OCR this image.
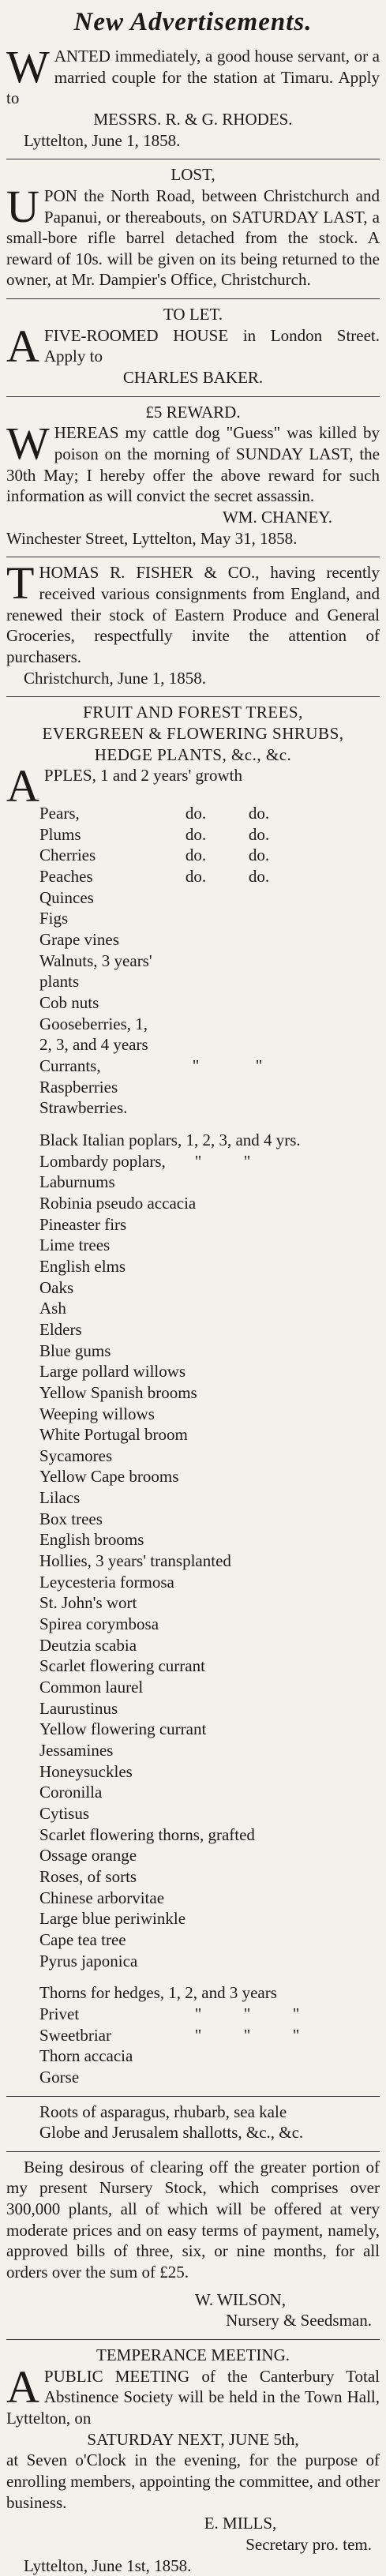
New Advertisements.
WANTED immediately, a good house servant, or a married couple for the station at Timaru. Apply to
MESSRS. R. & G. RHODES.
Lyttelton, June 1, 1858.
LOST,
UPON the North Road, between Christchurch and Papanui, or thereabouts, on SATURDAY LAST, a small-bore rifle barrel detached from the stock. A reward of 10s. will be given on its being returned to the owner, at Mr. Dampier's Office, Christchurch.
TO LET.
AFIVE-ROOMED HOUSE in London Street. Apply to
CHARLES BAKER.
£5 REWARD.
WHEREAS my cattle dog "Guess" was killed by poison on the morning of SUNDAY LAST, the 30th May; I hereby offer the above reward for such information as will convict the secret assassin.
WM. CHANEY.
Winchester Street, Lyttelton, May 31, 1858.
THOMAS R. FISHER & CO., having recently received various consignments from England, and renewed their stock of Eastern Produce and General Groceries, respectfully invite the attention of purchasers.
Christchurch, June 1, 1858.
FRUIT AND FOREST TREES,
EVERGREEN & FLOWERING SHRUBS,
HEDGE PLANTS, &c., &c.
APPLES, 1 and 2 years' growth
Pears,	do.	do.
Plums	do.	do.
Cherries	do.	do.
Peaches	do.	do.
Quinces
Figs
Grape vines
Walnuts, 3 years' plants
Cob nuts
Gooseberries, 1, 2, 3, and 4 years
Currants,	"	"
Raspberries
Strawberries.
Black Italian poplars, 1, 2, 3, and 4 yrs.
Lombardy poplars, "	"
Laburnums
Robinia pseudo accacia
Pineaster firs
Lime trees
English elms
Oaks
Ash
Elders
Blue gums
Large pollard willows
Yellow Spanish brooms
Weeping willows
White Portugal broom
Sycamores
Yellow Cape brooms
Lilacs
Box trees
English brooms
Hollies, 3 years' transplanted
Leycesteria formosa
St. John's wort
Spirea corymbosa
Deutzia scabia
Scarlet flowering currant
Common laurel
Laurustinus
Yellow flowering currant
Jessamines
Honeysuckles
Coronilla
Cytisus
Scarlet flowering thorns, grafted
Ossage orange
Roses, of sorts
Chinese arborvitae
Large blue periwinkle
Cape tea tree
Pyrus japonica
Thorns for hedges, 1, 2, and 3 years
Privet	"	"	"
Sweetbriar	"	"	"
Thorn accacia
Gorse
Roots of asparagus, rhubarb, sea kale
Globe and Jerusalem shallotts, &c., &c.
Being desirous of clearing off the greater portion of my present Nursery Stock, which comprises over 300,000 plants, all of which will be offered at very moderate prices and on easy terms of payment, namely, approved bills of three, six, or nine months, for all orders over the sum of £25.
W. WILSON,
Nursery & Seedsman.
TEMPERANCE MEETING.
APUBLIC MEETING of the Canterbury Total Abstinence Society will be held in the Town Hall, Lyttelton, on
SATURDAY NEXT, JUNE 5th,
at Seven o'Clock in the evening, for the purpose of enrolling members, appointing the committee, and other business.
E. MILLS,
Secretary pro. tem.
Lyttelton, June 1st, 1858.
